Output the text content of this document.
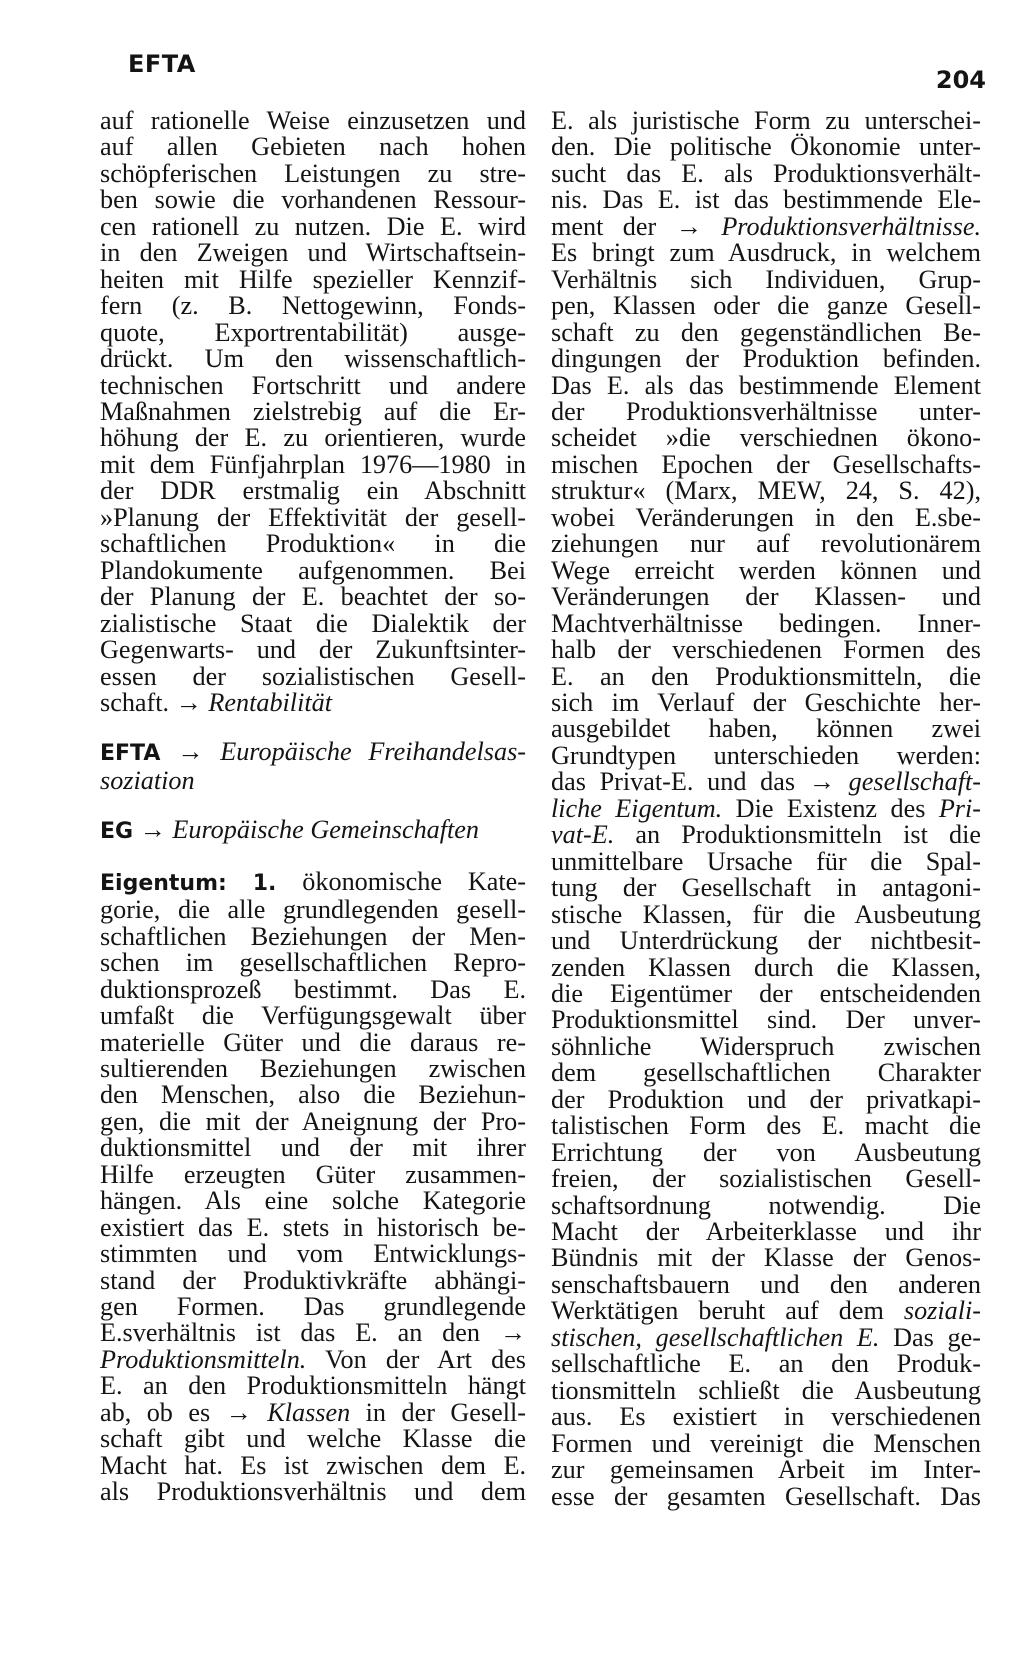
EFTA
204
auf rationelle Weise einzusetzen und
auf allen Gebieten nach hohen
schöpferischen Leistungen zu stre-
ben sowie die vorhandenen Ressour-
cen rationell zu nutzen. Die E. wird
in den Zweigen und Wirtschaftsein-
heiten mit Hilfe spezieller Kennzif-
fern (z. B. Nettogewinn, Fonds-
quote, Exportrentabilität) ausge-
drückt. Um den wissenschaftlich-
technischen Fortschritt und andere
Maßnahmen zielstrebig auf die Er-
höhung der E. zu orientieren, wurde
mit dem Fünfjahrplan 1976—1980 in
der DDR erstmalig ein Abschnitt
»Planung der Effektivität der gesell-
schaftlichen Produktion« in die
Plandokumente aufgenommen. Bei
der Planung der E. beachtet der so-
zialistische Staat die Dialektik der
Gegenwarts- und der Zukunftsinter-
essen der sozialistischen Gesell-
schaft. → Rentabilität
EFTA → Europäische Freihandelsas-
soziation
EG → Europäische Gemeinschaften
Eigentum: 1. ökonomische Kate-
gorie, die alle grundlegenden gesell-
schaftlichen Beziehungen der Men-
schen im gesellschaftlichen Repro-
duktionsprozeß bestimmt. Das E.
umfaßt die Verfügungsgewalt über
materielle Güter und die daraus re-
sultierenden Beziehungen zwischen
den Menschen, also die Beziehun-
gen, die mit der Aneignung der Pro-
duktionsmittel und der mit ihrer
Hilfe erzeugten Güter zusammen-
hängen. Als eine solche Kategorie
existiert das E. stets in historisch be-
stimmten und vom Entwicklungs-
stand der Produktivkräfte abhängi-
gen Formen. Das grundlegende
E.sverhältnis ist das E. an den →
Produktionsmitteln. Von der Art des
E. an den Produktionsmitteln hängt
ab, ob es → Klassen in der Gesell-
schaft gibt und welche Klasse die
Macht hat. Es ist zwischen dem E.
als Produktionsverhältnis und dem
E. als juristische Form zu unterschei-
den. Die politische Ökonomie unter-
sucht das E. als Produktionsverhält-
nis. Das E. ist das bestimmende Ele-
ment der → Produktionsverhältnisse.
Es bringt zum Ausdruck, in welchem
Verhältnis sich Individuen, Grup-
pen, Klassen oder die ganze Gesell-
schaft zu den gegenständlichen Be-
dingungen der Produktion befinden.
Das E. als das bestimmende Element
der Produktionsverhältnisse unter-
scheidet »die verschiednen ökono-
mischen Epochen der Gesellschafts-
struktur« (Marx, MEW, 24, S. 42),
wobei Veränderungen in den E.sbe-
ziehungen nur auf revolutionärem
Wege erreicht werden können und
Veränderungen der Klassen- und
Machtverhältnisse bedingen. Inner-
halb der verschiedenen Formen des
E. an den Produktionsmitteln, die
sich im Verlauf der Geschichte her-
ausgebildet haben, können zwei
Grundtypen unterschieden werden:
das Privat-E. und das → gesellschaft-
liche Eigentum. Die Existenz des Pri-
vat-E. an Produktionsmitteln ist die
unmittelbare Ursache für die Spal-
tung der Gesellschaft in antagoni-
stische Klassen, für die Ausbeutung
und Unterdrückung der nichtbesit-
zenden Klassen durch die Klassen,
die Eigentümer der entscheidenden
Produktionsmittel sind. Der unver-
söhnliche Widerspruch zwischen
dem gesellschaftlichen Charakter
der Produktion und der privatkapi-
talistischen Form des E. macht die
Errichtung der von Ausbeutung
freien, der sozialistischen Gesell-
schaftsordnung notwendig. Die
Macht der Arbeiterklasse und ihr
Bündnis mit der Klasse der Genos-
senschaftsbauern und den anderen
Werktätigen beruht auf dem soziali-
stischen, gesellschaftlichen E. Das ge-
sellschaftliche E. an den Produk-
tionsmitteln schließt die Ausbeutung
aus. Es existiert in verschiedenen
Formen und vereinigt die Menschen
zur gemeinsamen Arbeit im Inter-
esse der gesamten Gesellschaft. Das
